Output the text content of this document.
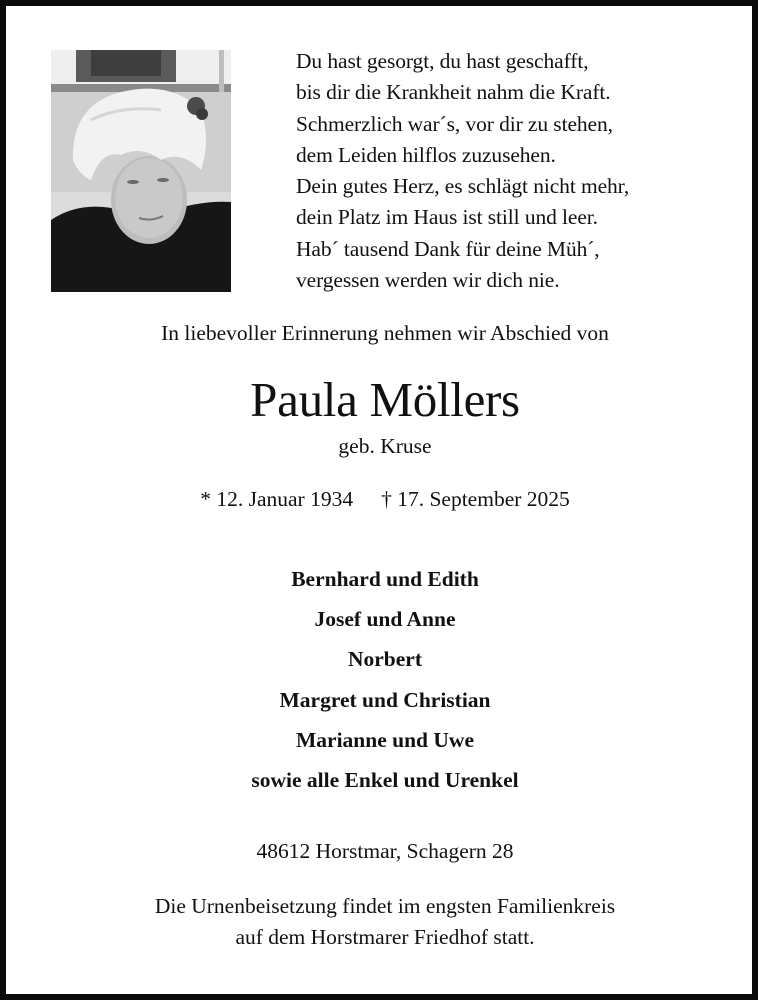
Du hast gesorgt, du hast geschafft,
bis dir die Krankheit nahm die Kraft.
Schmerzlich war´s, vor dir zu stehen,
dem Leiden hilflos zuzusehen.
Dein gutes Herz, es schlägt nicht mehr,
dein Platz im Haus ist still und leer.
Hab´ tausend Dank für deine Müh´,
vergessen werden wir dich nie.
In liebevoller Erinnerung nehmen wir Abschied von
Paula Möllers
geb. Kruse
* 12. Januar 1934 † 17. September 2025
Bernhard und Edith
Josef und Anne
Norbert
Margret und Christian
Marianne und Uwe
sowie alle Enkel und Urenkel
48612 Horstmar, Schagern 28
Die Urnenbeisetzung findet im engsten Familienkreis
auf dem Horstmarer Friedhof statt.
